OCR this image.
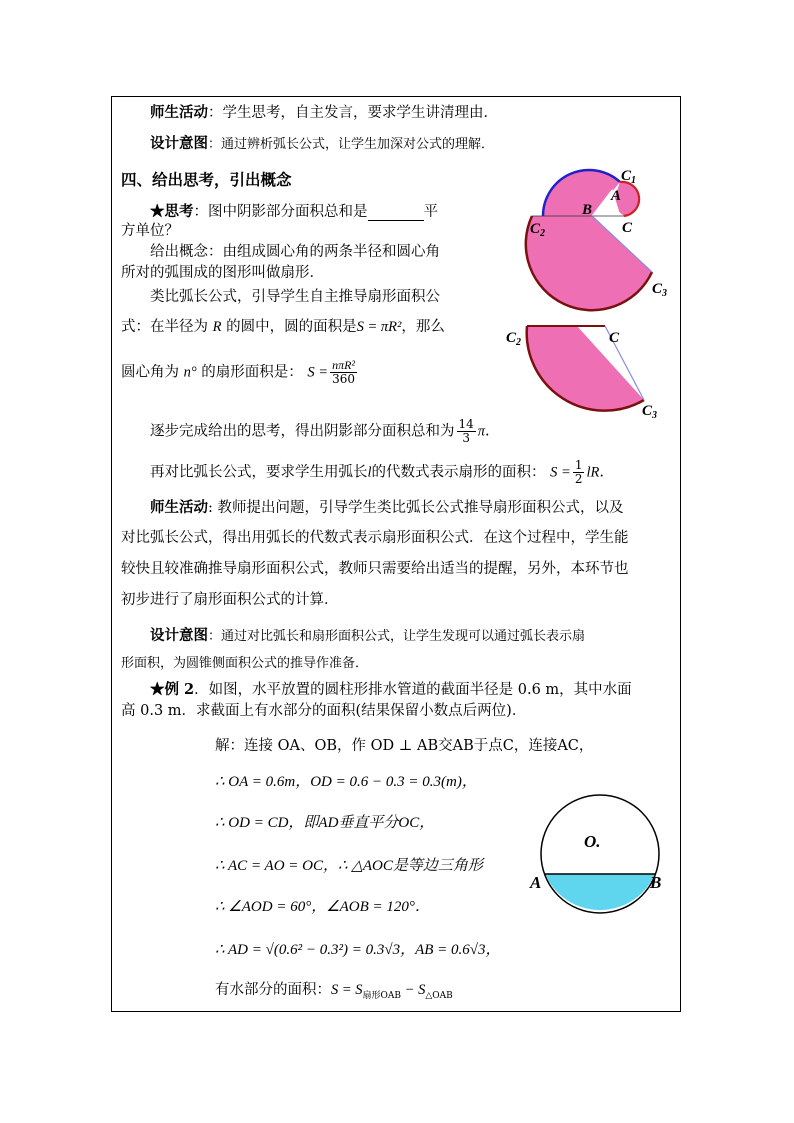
师生活动：学生思考，自主发言，要求学生讲清理由．
设计意图：通过辨析弧长公式，让学生加深对公式的理解．
四、给出思考，引出概念
★思考：图中阴影部分面积总和是	平
方单位？
给出概念：由组成圆心角的两条半径和圆心角
所对的弧围成的图形叫做扇形．
类比弧长公式，引导学生自主推导扇形面积公
式：在半径为 R 的圆中，圆的面积是S = πR²，那么
圆心角为 n° 的扇形面积是： $S = \frac{\text{nπR²}}{360}$
逐步完成给出的思考，得出阴影部分面积总和为 $\frac{14}{3} \pi$.
再对比弧长公式，要求学生用弧长l的代数式表示扇形的面积： $S = \frac{1}{2}$ lR.
师生活动: 教师提出问题，引导学生类比弧长公式推导扇形面积公式，以及
对比弧长公式，得出用弧长的代数式表示扇形面积公式．在这个过程中，学生能
较快且较准确推导扇形面积公式，教师只需要给出适当的提醒，另外，本环节也
初步进行了扇形面积公式的计算．
设计意图：通过对比弧长和扇形面积公式，让学生发现可以通过弧长表示扇
形面积，为圆锥侧面积公式的推导作准备．
★例 2．如图，水平放置的圆柱形排水管道的截面半径是 0.6 m，其中水面
高 0.3 m．求截面上有水部分的面积(结果保留小数点后两位)．
解：连接 OA、OB，作 OD ⊥ AB交AB于点C，连接AC，
∴ OA = 0.6m，OD = 0.6 − 0.3 = 0.3(m)，
∴ OD = CD，即AD垂直平分OC，
∴ AC = AO = OC，∴ △AOC是等边三角形
∴ ∠AOD = 60°，∠AOB = 120°．
∴ AD = √(0.6² − 0.3²) = 0.3√3，AB = 0.6√3，
有水部分的面积：$S = S_{扇形OAB} - S_{\triangle OAB}$
B
A
C
$C_1$
$C_2$
$C_3$
C
$C_2$
$C_3$
O.
A	B
